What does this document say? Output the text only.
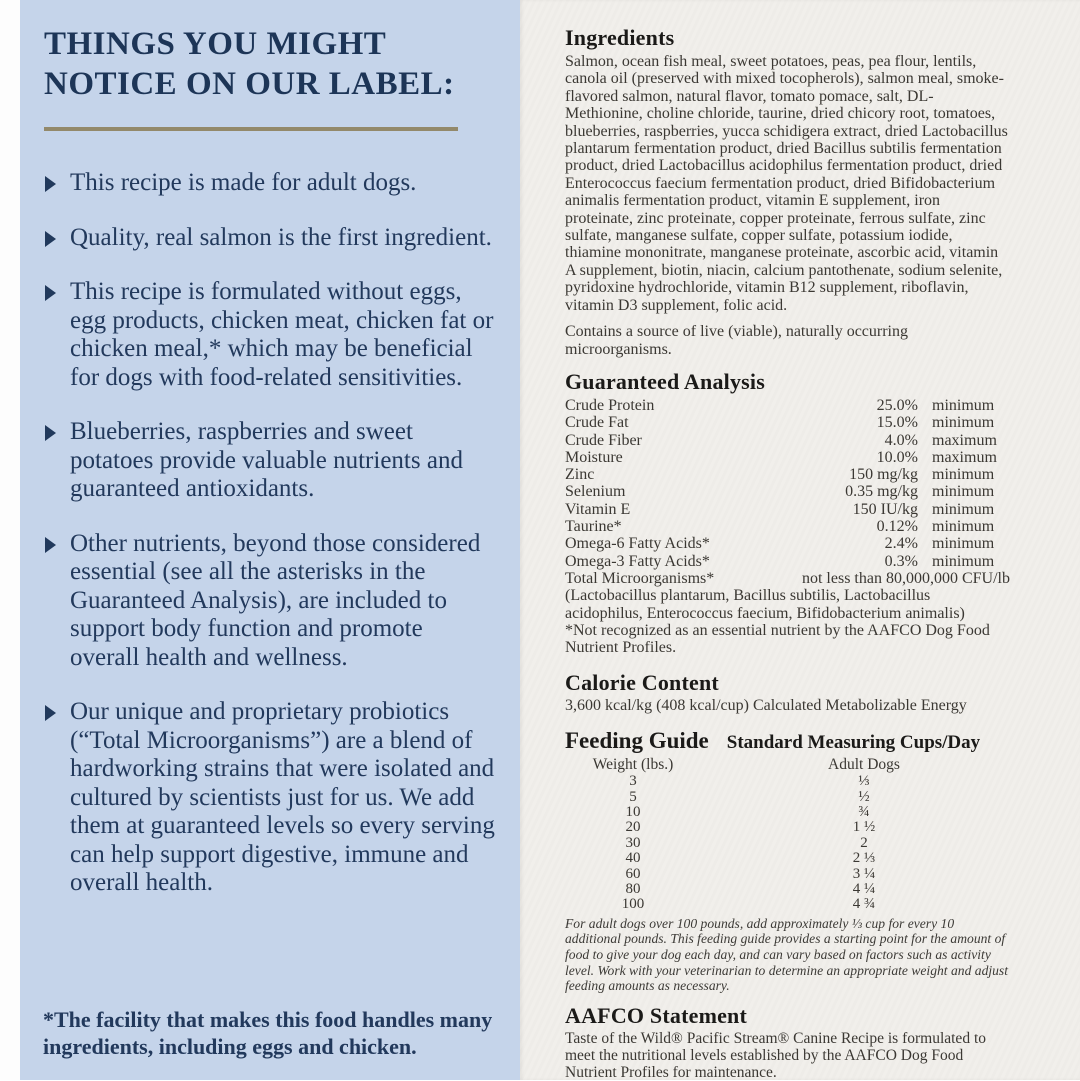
THINGS YOU MIGHT
NOTICE ON OUR LABEL:
This recipe is made for adult dogs.
Quality, real salmon is the first ingredient.
This recipe is formulated without eggs, egg products, chicken meat, chicken fat or chicken meal,* which may be beneficial for dogs with food-related sensitivities.
Blueberries, raspberries and sweet potatoes provide valuable nutrients and guaranteed antioxidants.
Other nutrients, beyond those considered essential (see all the asterisks in the Guaranteed Analysis), are included to support body function and promote overall health and wellness.
Our unique and proprietary probiotics (“Total Microorganisms”) are a blend of hardworking strains that were isolated and cultured by scientists just for us. We add them at guaranteed levels so every serving can help support digestive, immune and overall health.
*The facility that makes this food handles many ingredients, including eggs and chicken.
Ingredients
Salmon, ocean fish meal, sweet potatoes, peas, pea flour, lentils, canola oil (preserved with mixed tocopherols), salmon meal, smoke-flavored salmon, natural flavor, tomato pomace, salt, DL-Methionine, choline chloride, taurine, dried chicory root, tomatoes, blueberries, raspberries, yucca schidigera extract, dried Lactobacillus plantarum fermentation product, dried Bacillus subtilis fermentation product, dried Lactobacillus acidophilus fermentation product, dried Enterococcus faecium fermentation product, dried Bifidobacterium animalis fermentation product, vitamin E supplement, iron proteinate, zinc proteinate, copper proteinate, ferrous sulfate, zinc sulfate, manganese sulfate, copper sulfate, potassium iodide, thiamine mononitrate, manganese proteinate, ascorbic acid, vitamin A supplement, biotin, niacin, calcium pantothenate, sodium selenite, pyridoxine hydrochloride, vitamin B12 supplement, riboflavin, vitamin D3 supplement, folic acid.
Contains a source of live (viable), naturally occurring microorganisms.
Guaranteed Analysis
Crude Protein	25.0% minimum
Crude Fat	15.0% minimum
Crude Fiber	4.0% maximum
Moisture	10.0% maximum
Zinc	150 mg/kg minimum
Selenium	0.35 mg/kg minimum
Vitamin E	150 IU/kg minimum
Taurine*	0.12% minimum
Omega-6 Fatty Acids*	2.4% minimum
Omega-3 Fatty Acids*	0.3% minimum
Total Microorganisms*	not less than 80,000,000 CFU/lb
(Lactobacillus plantarum, Bacillus subtilis, Lactobacillus acidophilus, Enterococcus faecium, Bifidobacterium animalis)
*Not recognized as an essential nutrient by the AAFCO Dog Food Nutrient Profiles.
Calorie Content
3,600 kcal/kg (408 kcal/cup) Calculated Metabolizable Energy
Feeding Guide Standard Measuring Cups/Day
Weight (lbs.)	Adult Dogs
3	⅓
5	½
10	¾
20	1 ½
30	2
40	2 ⅓
60	3 ¼
80	4 ¼
100	4 ¾
For adult dogs over 100 pounds, add approximately ⅓ cup for every 10 additional pounds. This feeding guide provides a starting point for the amount of food to give your dog each day, and can vary based on factors such as activity level. Work with your veterinarian to determine an appropriate weight and adjust feeding amounts as necessary.
AAFCO Statement
Taste of the Wild® Pacific Stream® Canine Recipe is formulated to meet the nutritional levels established by the AAFCO Dog Food Nutrient Profiles for maintenance.
